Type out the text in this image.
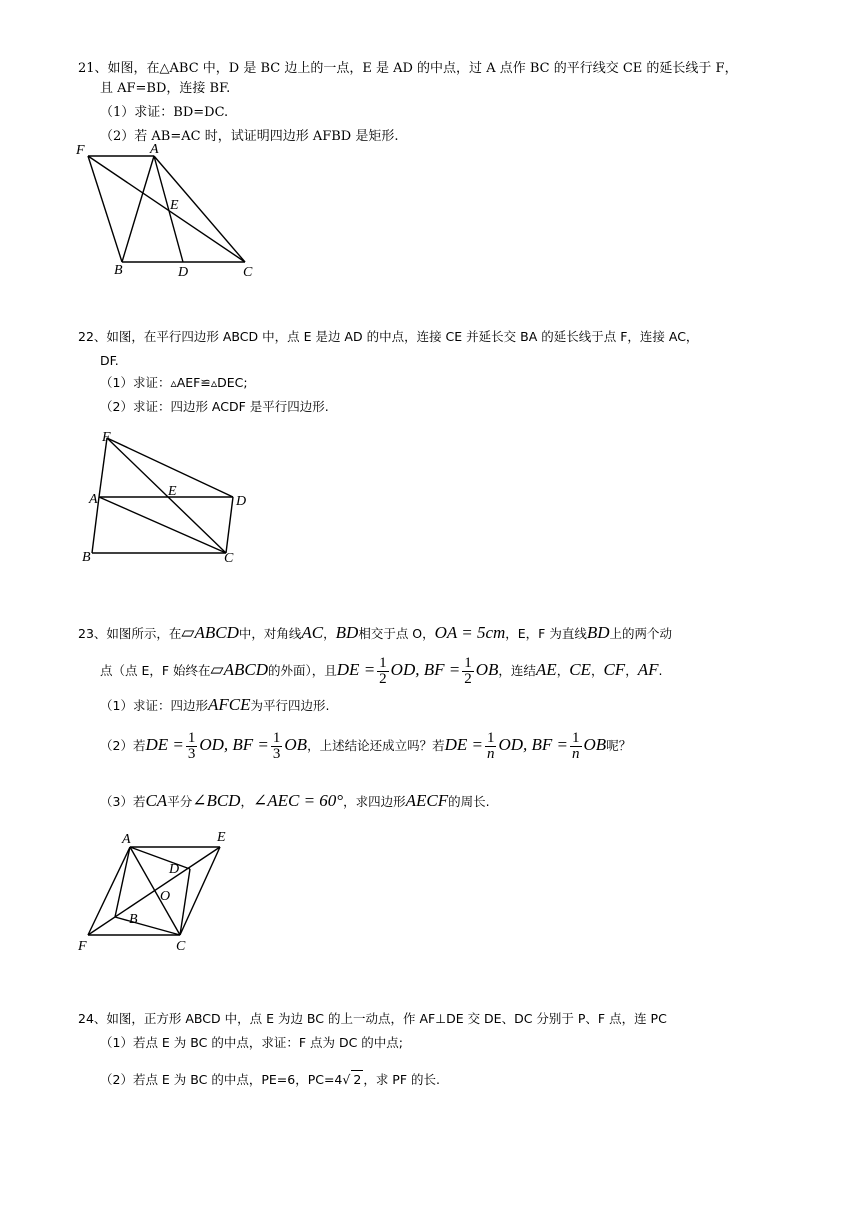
21、如图，在△ABC 中，D 是 BC 边上的一点，E 是 AD 的中点，过 A 点作 BC 的平行线交 CE 的延长线于 F，
且 AF=BD，连接 BF.
（1）求证：BD=DC.
（2）若 AB=AC 时，试证明四边形 AFBD 是矩形.
F	A
E
B	D	C
22、如图，在平行四边形 ABCD 中，点 E 是边 AD 的中点，连接 CE 并延长交 BA 的延长线于点 F，连接 AC，
DF.
（1）求证：▵AEF≌▵DEC;
（2）求证：四边形 ACDF 是平行四边形.
F
A
E
D
B	C
23、如图所示，在▱ABCD中，对角线AC，BD相交于点 O，OA = 5cm，E，F 为直线BD上的两个动
点（点 E，F 始终在▱ABCD的外面），且DE = $\frac{1}{2}$ OD, BF = $\frac{1}{2}$ OB，连结AE，CE，CF，AF.
（1）求证：四边形AFCE为平行四边形.
（2）若DE = $\frac{1}{3}$ OD, BF = $\frac{1}{3}$ OB，上述结论还成立吗？若DE = $\frac{1}{n}$ OD, BF = $\frac{1}{n}$ OB呢？
（3）若CA平分∠BCD，∠AEC = 60°，求四边形AECF的周长.
A	E
D
O
B
F	C
24、如图，正方形 ABCD 中，点 E 为边 BC 的上一动点，作 AF⊥DE 交 DE、DC 分别于 P、F 点，连 PC
（1）若点 E 为 BC 的中点，求证：F 点为 DC 的中点;
（2）若点 E 为 BC 的中点，PE=6，PC=4√ 2 ，求 PF 的长.
